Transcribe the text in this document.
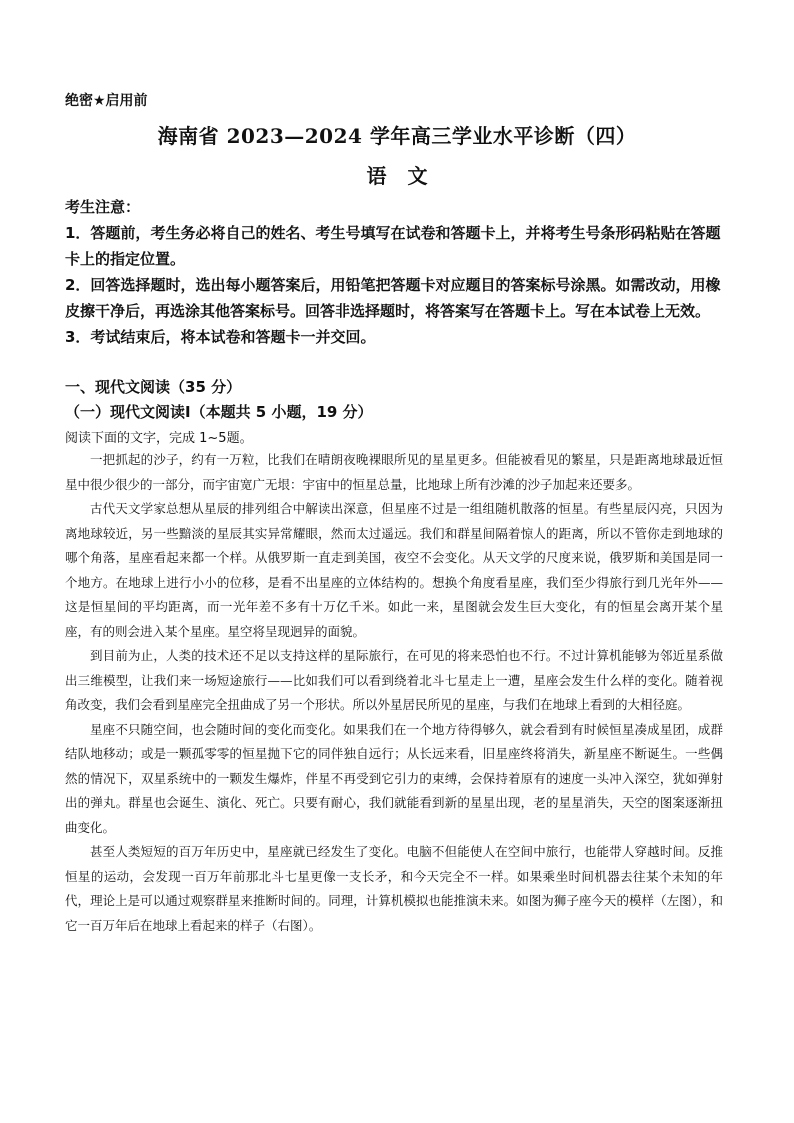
绝密★启用前
海南省 2023—2024 学年高三学业水平诊断（四）
语 文

考生注意：

1．答题前，考生务必将自己的姓名、考生号填写在试卷和答题卡上，并将考生号条形码粘贴在答题卡上的指定位置。

2．回答选择题时，选出每小题答案后，用铅笔把答题卡对应题目的答案标号涂黑。如需改动，用橡皮擦干净后，再选涂其他答案标号。回答非选择题时，将答案写在答题卡上。写在本试卷上无效。

3．考试结束后，将本试卷和答题卡一并交回。

一、现代文阅读（35 分）
（一）现代文阅读Ⅰ（本题共 5 小题，19 分）
阅读下面的文字，完成 1~5题。

一把抓起的沙子，约有一万粒，比我们在晴朗夜晚裸眼所见的星星更多。但能被看见的繁星，只是距离地球最近恒星中很少很少的一部分，而宇宙宽广无垠：宇宙中的恒星总量，比地球上所有沙滩的沙子加起来还要多。

古代天文学家总想从星辰的排列组合中解读出深意，但星座不过是一组组随机散落的恒星。有些星辰闪亮，只因为离地球较近，另一些黯淡的星辰其实异常耀眼，然而太过遥远。我们和群星间隔着惊人的距离，所以不管你走到地球的哪个角落，星座看起来都一个样。从俄罗斯一直走到美国，夜空不会变化。从天文学的尺度来说，俄罗斯和美国是同一个地方。在地球上进行小小的位移，是看不出星座的立体结构的。想换个角度看星座，我们至少得旅行到几光年外——这是恒星间的平均距离，而一光年差不多有十万亿千米。如此一来，星图就会发生巨大变化，有的恒星会离开某个星座，有的则会进入某个星座。星空将呈现迥异的面貌。

到目前为止，人类的技术还不足以支持这样的星际旅行，在可见的将来恐怕也不行。不过计算机能够为邻近星系做出三维模型，让我们来一场短途旅行——比如我们可以看到绕着北斗七星走上一遭，星座会发生什么样的变化。随着视角改变，我们会看到星座完全扭曲成了另一个形状。所以外星居民所见的星座，与我们在地球上看到的大相径庭。

星座不只随空间，也会随时间的变化而变化。如果我们在一个地方待得够久，就会看到有时候恒星凑成星团，成群结队地移动；或是一颗孤零零的恒星抛下它的同伴独自远行；从长远来看，旧星座终将消失，新星座不断诞生。一些偶然的情况下，双星系统中的一颗发生爆炸，伴星不再受到它引力的束缚，会保持着原有的速度一头冲入深空，犹如弹射出的弹丸。群星也会诞生、演化、死亡。只要有耐心，我们就能看到新的星星出现，老的星星消失，天空的图案逐渐扭曲变化。

甚至人类短短的百万年历史中，星座就已经发生了变化。电脑不但能使人在空间中旅行，也能带人穿越时间。反推恒星的运动，会发现一百万年前那北斗七星更像一支长矛，和今天完全不一样。如果乘坐时间机器去往某个未知的年代，理论上是可以通过观察群星来推断时间的。同理，计算机模拟也能推演未来。如图为狮子座今天的模样（左图），和它一百万年后在地球上看起来的样子（右图）。
